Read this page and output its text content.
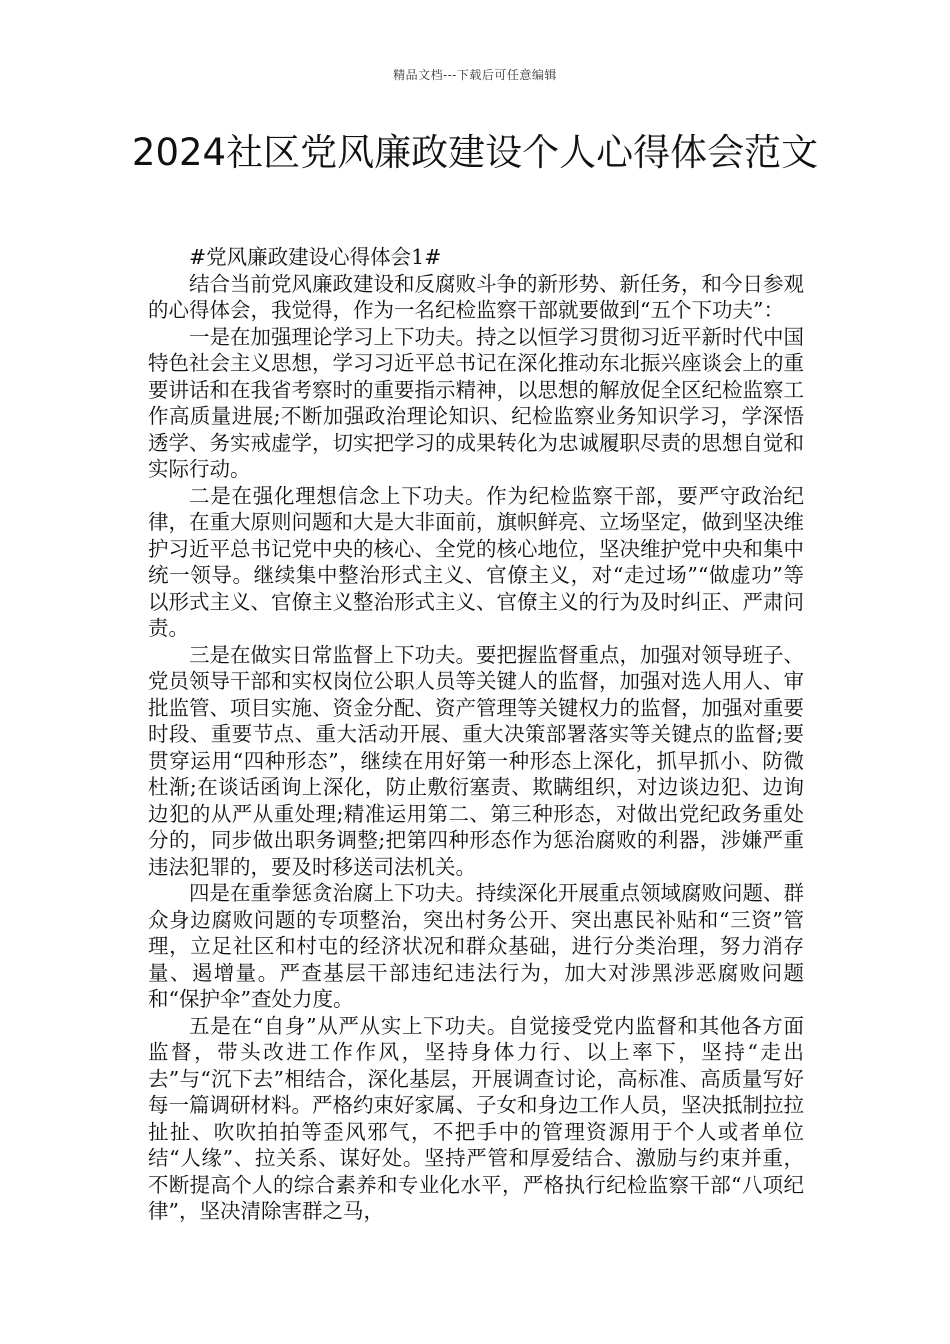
精品文档---下载后可任意编辑
2024社区党风廉政建设个人心得体会范文

#党风廉政建设心得体会1#

结合当前党风廉政建设和反腐败斗争的新形势、新任务，和今日参观的心得体会，我觉得，作为一名纪检监察干部就要做到“五个下功夫”：

一是在加强理论学习上下功夫。持之以恒学习贯彻习近平新时代中国特色社会主义思想，学习习近平总书记在深化推动东北振兴座谈会上的重要讲话和在我省考察时的重要指示精神，以思想的解放促全区纪检监察工作高质量进展;不断加强政治理论知识、纪检监察业务知识学习，学深悟透学、务实戒虚学，切实把学习的成果转化为忠诚履职尽责的思想自觉和实际行动。

二是在强化理想信念上下功夫。作为纪检监察干部，要严守政治纪律，在重大原则问题和大是大非面前，旗帜鲜亮、立场坚定，做到坚决维护习近平总书记党中央的核心、全党的核心地位，坚决维护党中央和集中统一领导。继续集中整治形式主义、官僚主义，对“走过场”“做虚功”等以形式主义、官僚主义整治形式主义、官僚主义的行为及时纠正、严肃问责。

三是在做实日常监督上下功夫。要把握监督重点，加强对领导班子、党员领导干部和实权岗位公职人员等关键人的监督，加强对选人用人、审批监管、项目实施、资金分配、资产管理等关键权力的监督，加强对重要时段、重要节点、重大活动开展、重大决策部署落实等关键点的监督;要贯穿运用“四种形态”，继续在用好第一种形态上深化，抓早抓小、防微杜渐;在谈话函询上深化，防止敷衍塞责、欺瞒组织，对边谈边犯、边询边犯的从严从重处理;精准运用第二、第三种形态，对做出党纪政务重处分的，同步做出职务调整;把第四种形态作为惩治腐败的利器，涉嫌严重违法犯罪的，要及时移送司法机关。

四是在重拳惩贪治腐上下功夫。持续深化开展重点领域腐败问题、群众身边腐败问题的专项整治，突出村务公开、突出惠民补贴和“三资”管理，立足社区和村屯的经济状况和群众基础，进行分类治理，努力消存量、遏增量。严查基层干部违纪违法行为，加大对涉黑涉恶腐败问题和“保护伞”查处力度。

五是在“自身”从严从实上下功夫。自觉接受党内监督和其他各方面监督，带头改进工作作风，坚持身体力行、以上率下，坚持“走出去”与“沉下去”相结合，深化基层，开展调查讨论，高标准、高质量写好每一篇调研材料。严格约束好家属、子女和身边工作人员，坚决抵制拉拉扯扯、吹吹拍拍等歪风邪气，不把手中的管理资源用于个人或者单位结“人缘”、拉关系、谋好处。坚持严管和厚爱结合、激励与约束并重，不断提高个人的综合素养和专业化水平，严格执行纪检监察干部“八项纪律”，坚决清除害群之马，
